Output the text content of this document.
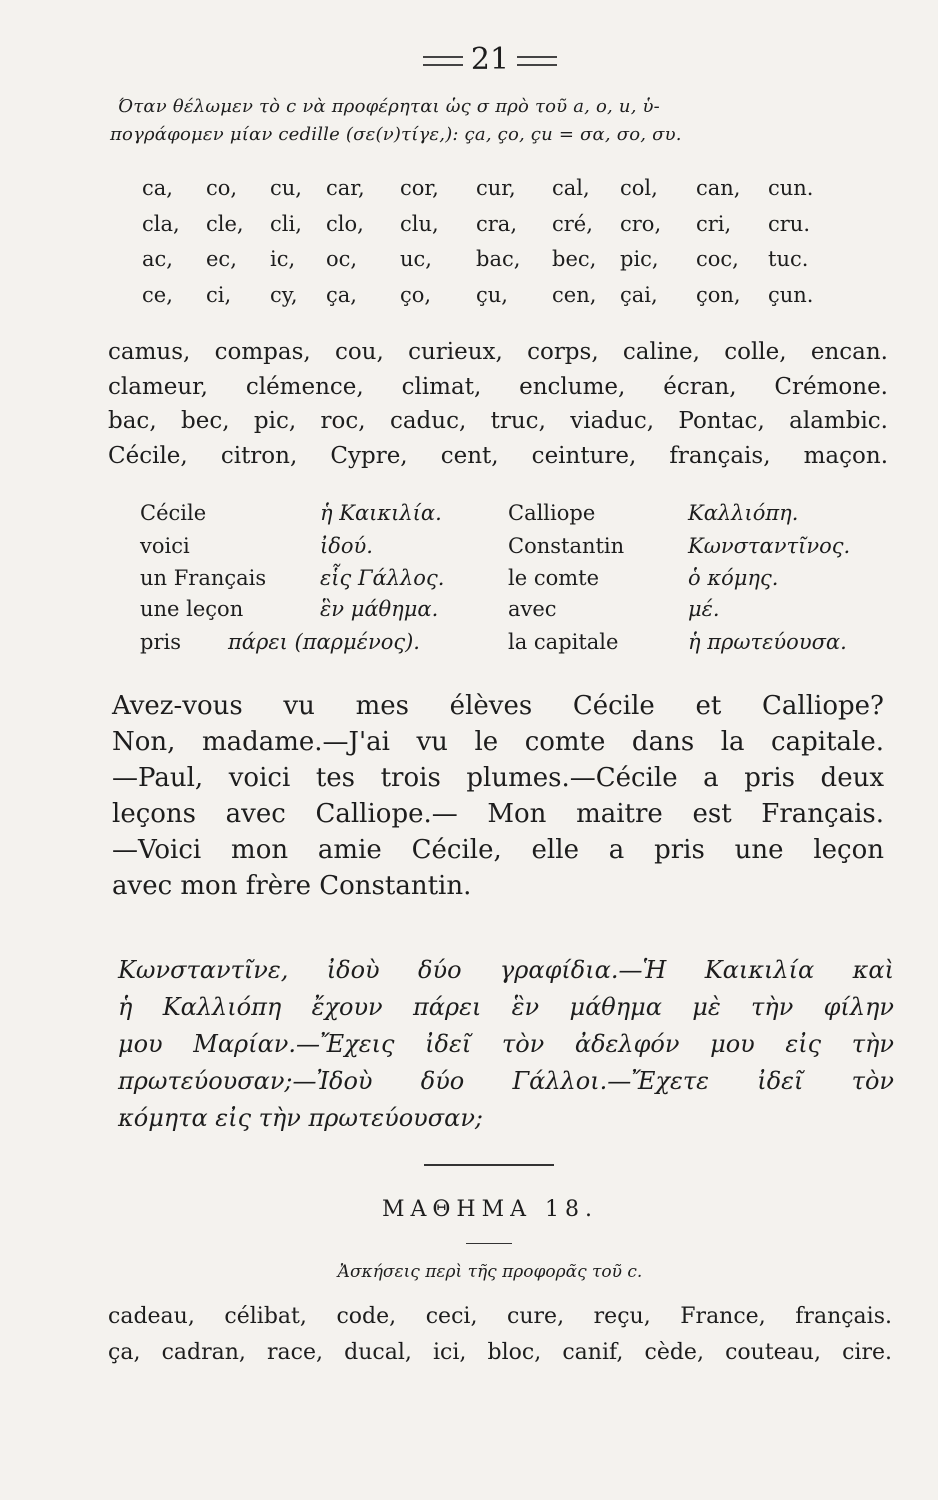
21
Όταν θέλωμεν τὸ c νὰ προφέρηται ὡς σ πρὸ τοῦ a, o, u, ὑ-
πογράφομεν μίαν cedille (σε(ν)τίγε,): ça, ço, çu = σα, σο, συ.
ca, co, cu, car, cor, cur, cal, col, can, cun.
cla, cle, cli, clo, clu, cra, cré, cro, cri, cru.
ac, ec, ic, oc, uc, bac, bec, pic, coc, tuc.
ce, ci, cy, ça, ço, çu, cen, çai, çon, çun.
camus, compas, cou, curieux, corps, caline, colle, encan.
clameur, clémence, climat, enclume, écran, Crémone.
bac, bec, pic, roc, caduc, truc, viaduc, Pontac, alambic.
Cécile, citron, Cypre, cent, ceinture, français, maçon.
Cécile	ἡ Καικιλία.	Calliope	Καλλιόπη.
voici	ἰδού.	Constantin	Κωνσταντῖνος.
un Français	εἷς Γάλλος.	le comte	ὁ κόμης.
une leçon	ἓν μάθημα.	avec	μέ.
pris πάρει (παρμένος).	la capitale	ἡ πρωτεύουσα.
Avez-vous vu mes élèves Cécile et Calliope?
Non, madame.—J'ai vu le comte dans la capitale.
—Paul, voici tes trois plumes.—Cécile a pris deux
leçons avec Calliope.— Mon maitre est Français.
—Voici mon amie Cécile, elle a pris une leçon
avec mon frère Constantin.
Κωνσταντῖνε, ἰδοὺ δύο γραφίδια.—Ἡ Καικιλία καὶ
ἡ Καλλιόπη ἔχουν πάρει ἓν μάθημα μὲ τὴν φίλην
μου Μαρίαν.—Ἔχεις ἰδεῖ τὸν ἀδελφόν μου εἰς τὴν
πρωτεύουσαν;—Ἰδοὺ δύο Γάλλοι.—Ἔχετε ἰδεῖ τὸν
κόμητα εἰς τὴν πρωτεύουσαν;
ΜΑΘΗΜΑ 18.
Ἀσκήσεις περὶ τῆς προφορᾶς τοῦ c.
cadeau, célibat, code, ceci, cure, reçu, France, français.
ça, cadran, race, ducal, ici, bloc, canif, cède, couteau, cire.
